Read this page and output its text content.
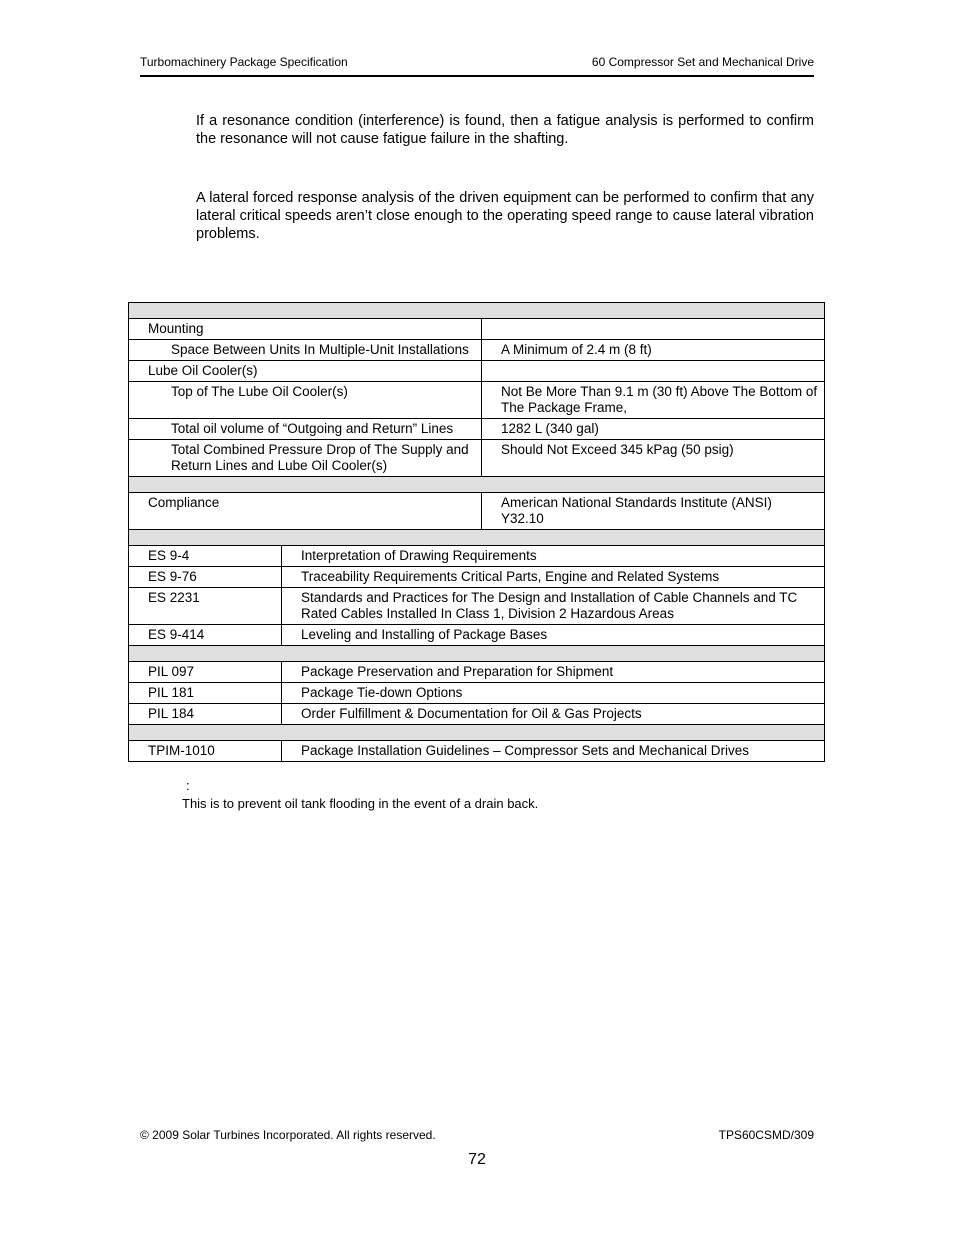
Turbomachinery Package Specification	60 Compressor Set and Mechanical Drive
If a resonance condition (interference) is found, then a fatigue analysis is performed to confirm the resonance will not cause fatigue failure in the shafting.
A lateral forced response analysis of the driven equipment can be performed to confirm that any lateral critical speeds aren’t close enough to the operating speed range to cause lateral vibration problems.

Mounting		
Space Between Units In Multiple-Unit Installations		A Minimum of 2.4 m (8 ft)
Lube Oil Cooler(s)		
Top of The Lube Oil Cooler(s)		Not Be More Than 9.1 m (30 ft) Above The Bottom of The Package Frame,
Total oil volume of “Outgoing and Return” Lines		1282 L (340 gal)
Total Combined Pressure Drop of The Supply and Return Lines and Lube Oil Cooler(s)		Should Not Exceed 345 kPag (50 psig)

Compliance		American National Standards Institute (ANSI) Y32.10

ES 9-4	Interpretation of Drawing Requirements	
ES 9-76	Traceability Requirements Critical Parts, Engine and Related Systems	
ES 2231	Standards and Practices for The Design and Installation of Cable Channels and TC Rated Cables Installed In Class 1, Division 2 Hazardous Areas	
ES 9-414	Leveling and Installing of Package Bases	

PIL 097	Package Preservation and Preparation for Shipment	
PIL 181	Package Tie-down Options	
PIL 184	Order Fulfillment & Documentation for Oil & Gas Projects	

TPIM-1010	Package Installation Guidelines – Compressor Sets and Mechanical Drives	
:
This is to prevent oil tank flooding in the event of a drain back.
© 2009 Solar Turbines Incorporated. All rights reserved.	TPS60CSMD/309
72
